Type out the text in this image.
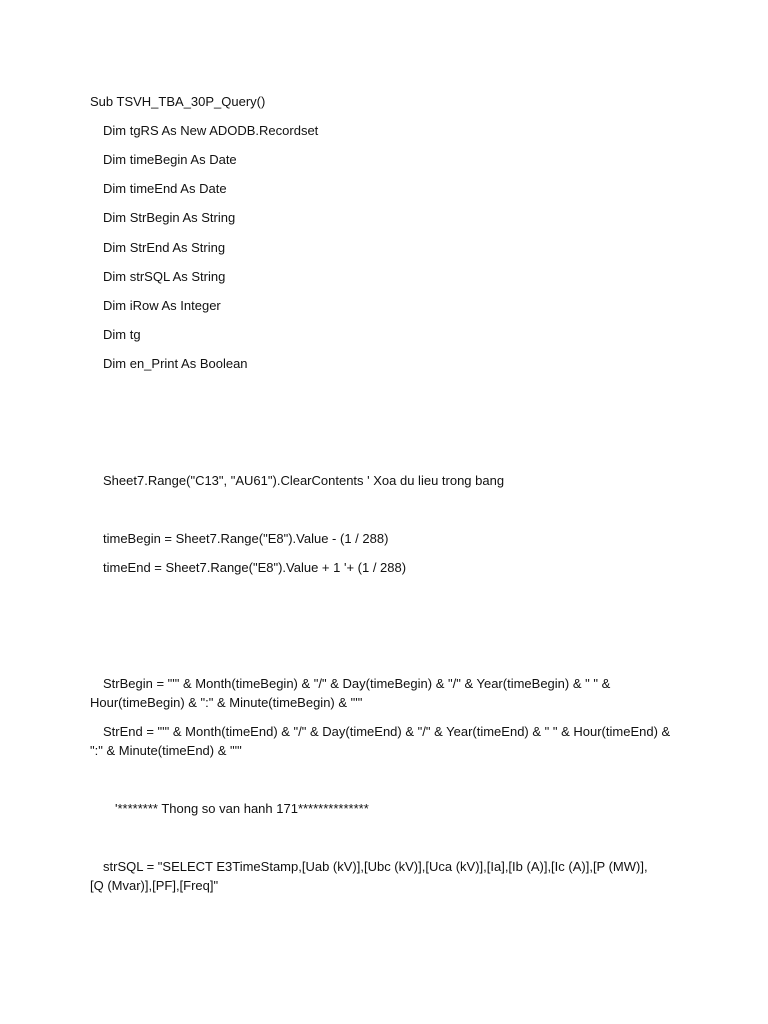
Sub TSVH_TBA_30P_Query()
Dim tgRS As New ADODB.Recordset
Dim timeBegin As Date
Dim timeEnd As Date
Dim StrBegin As String
Dim StrEnd As String
Dim strSQL As String
Dim iRow As Integer
Dim tg
Dim en_Print As Boolean
Sheet7.Range("C13", "AU61").ClearContents ' Xoa du lieu trong bang
timeBegin = Sheet7.Range("E8").Value - (1 / 288)
timeEnd = Sheet7.Range("E8").Value + 1 '+ (1 / 288)
StrBegin = "'" & Month(timeBegin) & "/" & Day(timeBegin) & "/" & Year(timeBegin) & " " & Hour(timeBegin) & ":" & Minute(timeBegin) & "'"
StrEnd = "'" & Month(timeEnd) & "/" & Day(timeEnd) & "/" & Year(timeEnd) & " " & Hour(timeEnd) & ":" & Minute(timeEnd) & "'"
'******** Thong so van hanh 171**************
strSQL = "SELECT E3TimeStamp,[Uab (kV)],[Ubc (kV)],[Uca (kV)],[Ia],[Ib (A)],[Ic (A)],[P (MW)],[Q (Mvar)],[PF],[Freq]"
